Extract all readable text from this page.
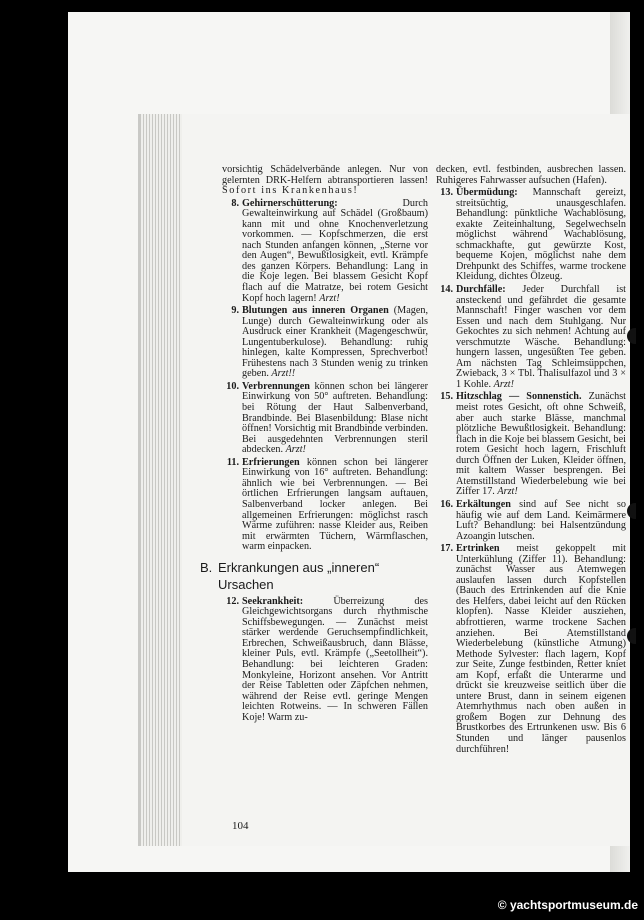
vorsichtig Schädelverbände anlegen. Nur von gelernten DRK-Helfern abtransportieren lassen! Sofort ins Krankenhaus!
8. Gehirnerschütterung: Durch Gewalteinwirkung auf Schädel (Großbaum) kann mit und ohne Knochenverletzung vorkommen. — Kopfschmerzen, die erst nach Stunden anfangen können, „Sterne vor den Augen“, Bewußtlosigkeit, evtl. Krämpfe des ganzen Körpers. Behandlung: Lang in die Koje legen. Bei blassem Gesicht Kopf flach auf die Matratze, bei rotem Gesicht Kopf hoch lagern! Arzt!
9. Blutungen aus inneren Organen (Magen, Lunge) durch Gewalteinwirkung oder als Ausdruck einer Krankheit (Magengeschwür, Lungentuberkulose). Behandlung: ruhig hinlegen, kalte Kompressen, Sprechverbot! Frühestens nach 3 Stunden wenig zu trinken geben. Arzt!!
10. Verbrennungen können schon bei längerer Einwirkung von 50° auftreten. Behandlung: bei Rötung der Haut Salbenverband, Brandbinde. Bei Blasenbildung: Blase nicht öffnen! Vorsichtig mit Brandbinde verbinden. Bei ausgedehnten Verbrennungen steril abdecken. Arzt!
11. Erfrierungen können schon bei längerer Einwirkung von 16° auftreten. Behandlung: ähnlich wie bei Verbrennungen. — Bei örtlichen Erfrierungen langsam auftauen, Salbenverband locker anlegen. Bei allgemeinen Erfrierungen: möglichst rasch Wärme zuführen: nasse Kleider aus, Reiben mit erwärmten Tüchern, Wärmflaschen, warm einpacken.
B. Erkrankungen aus „inneren“
Ursachen
12. Seekrankheit: Überreizung des Gleichgewichtsorgans durch rhythmische Schiffsbewegungen. — Zunächst meist stärker werdende Geruchsempfindlichkeit, Erbrechen, Schweißausbruch, dann Blässe, kleiner Puls, evtl. Krämpfe („Seetollheit“). Behandlung: bei leichteren Graden: Monkyleine, Horizont ansehen. Vor Antritt der Reise Tabletten oder Zäpfchen nehmen, während der Reise evtl. geringe Mengen leichten Rotweins. — In schweren Fällen Koje! Warm zu-
104
decken, evtl. festbinden, ausbrechen lassen. Ruhigeres Fahrwasser aufsuchen (Hafen).
13. Übermüdung: Mannschaft gereizt, streitsüchtig, unausgeschlafen. Behandlung: pünktliche Wachablösung, exakte Zeiteinhaltung, Segelwechseln möglichst während Wachablösung, schmackhafte, gut gewürzte Kost, bequeme Kojen, möglichst nahe dem Drehpunkt des Schiffes, warme trockene Kleidung, dichtes Ölzeug.
14. Durchfälle: Jeder Durchfall ist ansteckend und gefährdet die gesamte Mannschaft! Finger waschen vor dem Essen und nach dem Stuhlgang. Nur Gekochtes zu sich nehmen! Achtung auf verschmutzte Wäsche. Behandlung: hungern lassen, ungesüßten Tee geben. Am nächsten Tag Schleimsüppchen, Zwieback, 3 × Tbl. Thalisulfazol und 3 × 1 Kohle. Arzt!
15. Hitzschlag — Sonnenstich. Zunächst meist rotes Gesicht, oft ohne Schweiß, aber auch starke Blässe, manchmal plötzliche Bewußtlosigkeit. Behandlung: flach in die Koje bei blassem Gesicht, bei rotem Gesicht hoch lagern, Frischluft durch Öffnen der Luken, Kleider öffnen, mit kaltem Wasser besprengen. Bei Atemstillstand Wiederbelebung wie bei Ziffer 17. Arzt!
16. Erkältungen sind auf See nicht so häufig wie auf dem Land. Keimärmere Luft? Behandlung: bei Halsentzündung Azoangin lutschen.
17. Ertrinken meist gekoppelt mit Unterkühlung (Ziffer 11). Behandlung: zunächst Wasser aus Atemwegen auslaufen lassen durch Kopfstellen (Bauch des Ertrinkenden auf die Knie des Helfers, dabei leicht auf den Rücken klopfen). Nasse Kleider ausziehen, abfrottieren, warme trockene Sachen anziehen. Bei Atemstillstand Wiederbelebung (künstliche Atmung) Methode Sylvester: flach lagern, Kopf zur Seite, Zunge festbinden, Retter kniet am Kopf, erfaßt die Unterarme und drückt sie kreuzweise seitlich über die untere Brust, dann in seinem eigenen Atemrhythmus nach oben außen in großem Bogen zur Dehnung des Brustkorbes des Ertrunkenen usw. Bis 6 Stunden und länger pausenlos durchführen!
© yachtsportmuseum.de
